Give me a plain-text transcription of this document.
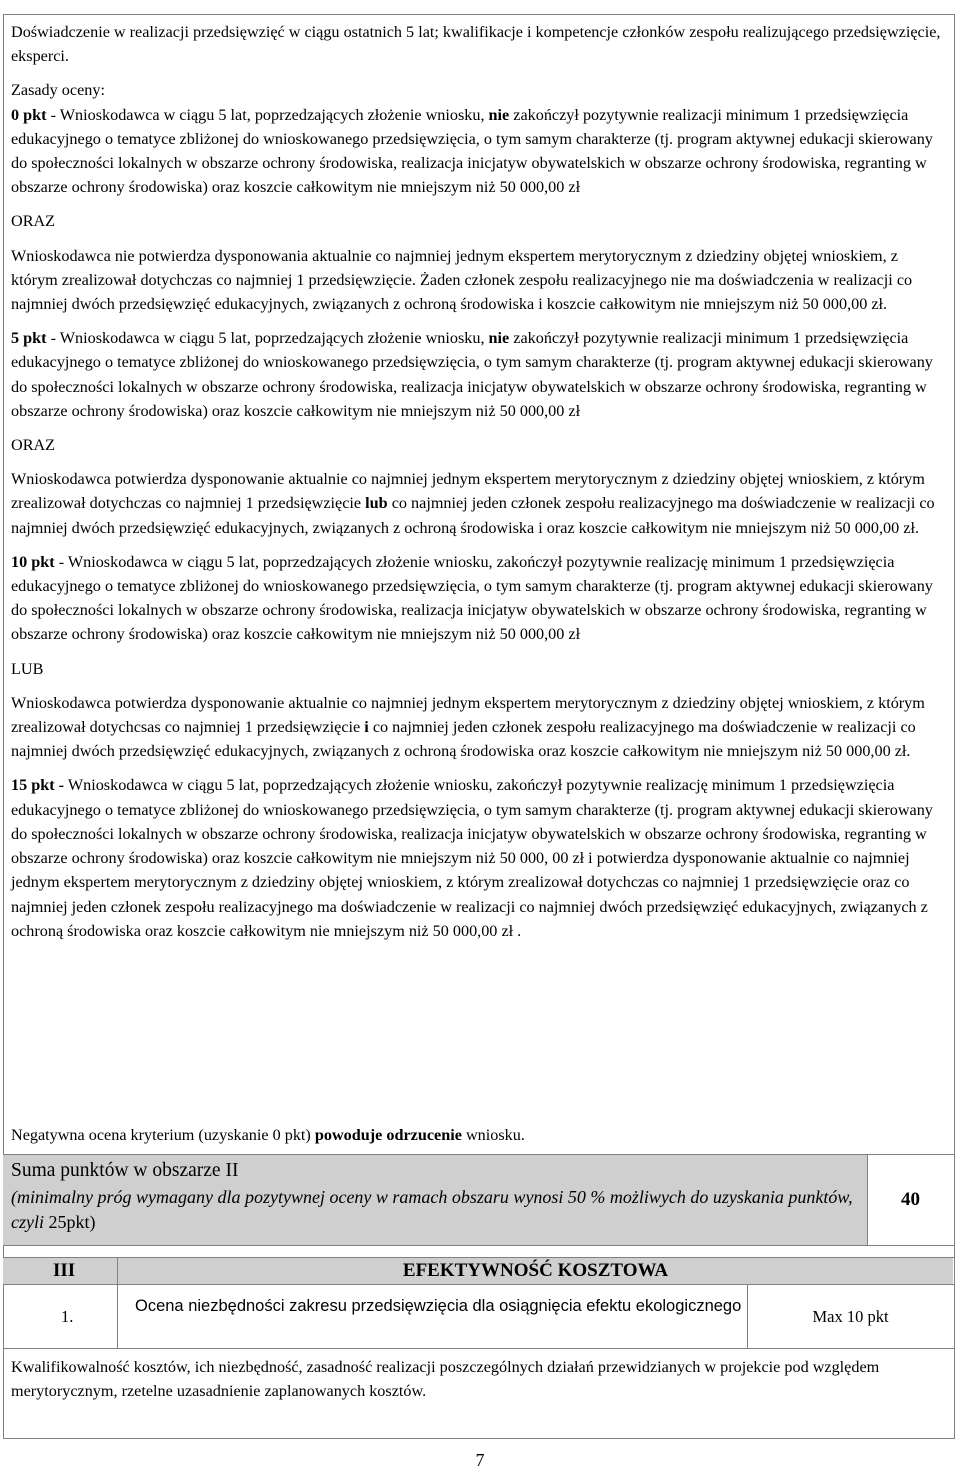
Doświadczenie w realizacji przedsięwzięć w ciągu ostatnich 5 lat; kwalifikacje i kompetencje członków zespołu realizującego przedsięwzięcie, eksperci.

Zasady oceny:

0 pkt - Wnioskodawca w ciągu 5 lat, poprzedzających złożenie wniosku, nie zakończył pozytywnie realizacji minimum 1 przedsięwzięcia edukacyjnego o tematyce zbliżonej do wnioskowanego przedsięwzięcia, o tym samym charakterze (tj. program aktywnej edukacji skierowany do społeczności lokalnych w obszarze ochrony środowiska, realizacja inicjatyw obywatelskich w obszarze ochrony środowiska, regranting w obszarze ochrony środowiska) oraz koszcie całkowitym nie mniejszym niż 50 000,00 zł

ORAZ

Wnioskodawca nie potwierdza dysponowania aktualnie co najmniej jednym ekspertem merytorycznym z dziedziny objętej wnioskiem, z którym zrealizował dotychczas co najmniej 1 przedsięwzięcie. Żaden członek zespołu realizacyjnego nie ma doświadczenia w realizacji co najmniej dwóch przedsięwzięć edukacyjnych, związanych z ochroną środowiska i koszcie całkowitym nie mniejszym niż 50 000,00 zł.

5 pkt - Wnioskodawca w ciągu 5 lat, poprzedzających złożenie wniosku, nie zakończył pozytywnie realizacji minimum 1 przedsięwzięcia edukacyjnego o tematyce zbliżonej do wnioskowanego przedsięwzięcia, o tym samym charakterze (tj. program aktywnej edukacji skierowany do społeczności lokalnych w obszarze ochrony środowiska, realizacja inicjatyw obywatelskich w obszarze ochrony środowiska, regranting w obszarze ochrony środowiska) oraz koszcie całkowitym nie mniejszym niż 50 000,00 zł

ORAZ

Wnioskodawca potwierdza dysponowanie aktualnie co najmniej jednym ekspertem merytorycznym z dziedziny objętej wnioskiem, z którym zrealizował dotychczas co najmniej 1 przedsięwzięcie lub co najmniej jeden członek zespołu realizacyjnego ma doświadczenie w realizacji co najmniej dwóch przedsięwzięć edukacyjnych, związanych z ochroną środowiska i oraz koszcie całkowitym nie mniejszym niż 50 000,00 zł.

10 pkt - Wnioskodawca w ciągu 5 lat, poprzedzających złożenie wniosku, zakończył pozytywnie realizację minimum 1 przedsięwzięcia edukacyjnego o tematyce zbliżonej do wnioskowanego przedsięwzięcia, o tym samym charakterze (tj. program aktywnej edukacji skierowany do społeczności lokalnych w obszarze ochrony środowiska, realizacja inicjatyw obywatelskich w obszarze ochrony środowiska, regranting w obszarze ochrony środowiska) oraz koszcie całkowitym nie mniejszym niż 50 000,00 zł

LUB

Wnioskodawca potwierdza dysponowanie aktualnie co najmniej jednym ekspertem merytorycznym z dziedziny objętej wnioskiem, z którym zrealizował dotychcsas co najmniej 1 przedsięwzięcie i co najmniej jeden członek zespołu realizacyjnego ma doświadczenie w realizacji co najmniej dwóch przedsięwzięć edukacyjnych, związanych z ochroną środowiska oraz koszcie całkowitym nie mniejszym niż 50 000,00 zł.

15 pkt - Wnioskodawca w ciągu 5 lat, poprzedzających złożenie wniosku, zakończył pozytywnie realizację minimum 1 przedsięwzięcia edukacyjnego o tematyce zbliżonej do wnioskowanego przedsięwzięcia, o tym samym charakterze (tj. program aktywnej edukacji skierowany do społeczności lokalnych w obszarze ochrony środowiska, realizacja inicjatyw obywatelskich w obszarze ochrony środowiska, regranting w obszarze ochrony środowiska) oraz koszcie całkowitym nie mniejszym niż 50 000, 00 zł i potwierdza dysponowanie aktualnie co najmniej jednym ekspertem merytorycznym z dziedziny objętej wnioskiem, z którym zrealizował dotychczas co najmniej 1 przedsięwzięcie oraz co najmniej jeden członek zespołu realizacyjnego ma doświadczenie w realizacji co najmniej dwóch przedsięwzięć edukacyjnych, związanych z ochroną środowiska oraz koszcie całkowitym nie mniejszym niż 50 000,00 zł .

Negatywna ocena kryterium (uzyskanie 0 pkt) powoduje odrzucenie wniosku.

Suma punktów w obszarze II

(minimalny próg wymagany dla pozytywnej oceny w ramach obszaru wynosi 50 % możliwych do uzyskania punktów, czyli 25pkt)

40
III	EFEKTYWNOŚĆ KOSZTOWA
1.
Ocena niezbędności zakresu przedsięwzięcia dla osiągnięcia efektu ekologicznego
Max 10 pkt

Kwalifikowalność kosztów, ich niezbędność, zasadność realizacji poszczególnych działań przewidzianych w projekcie pod względem merytorycznym, rzetelne uzasadnienie zaplanowanych kosztów.

7
